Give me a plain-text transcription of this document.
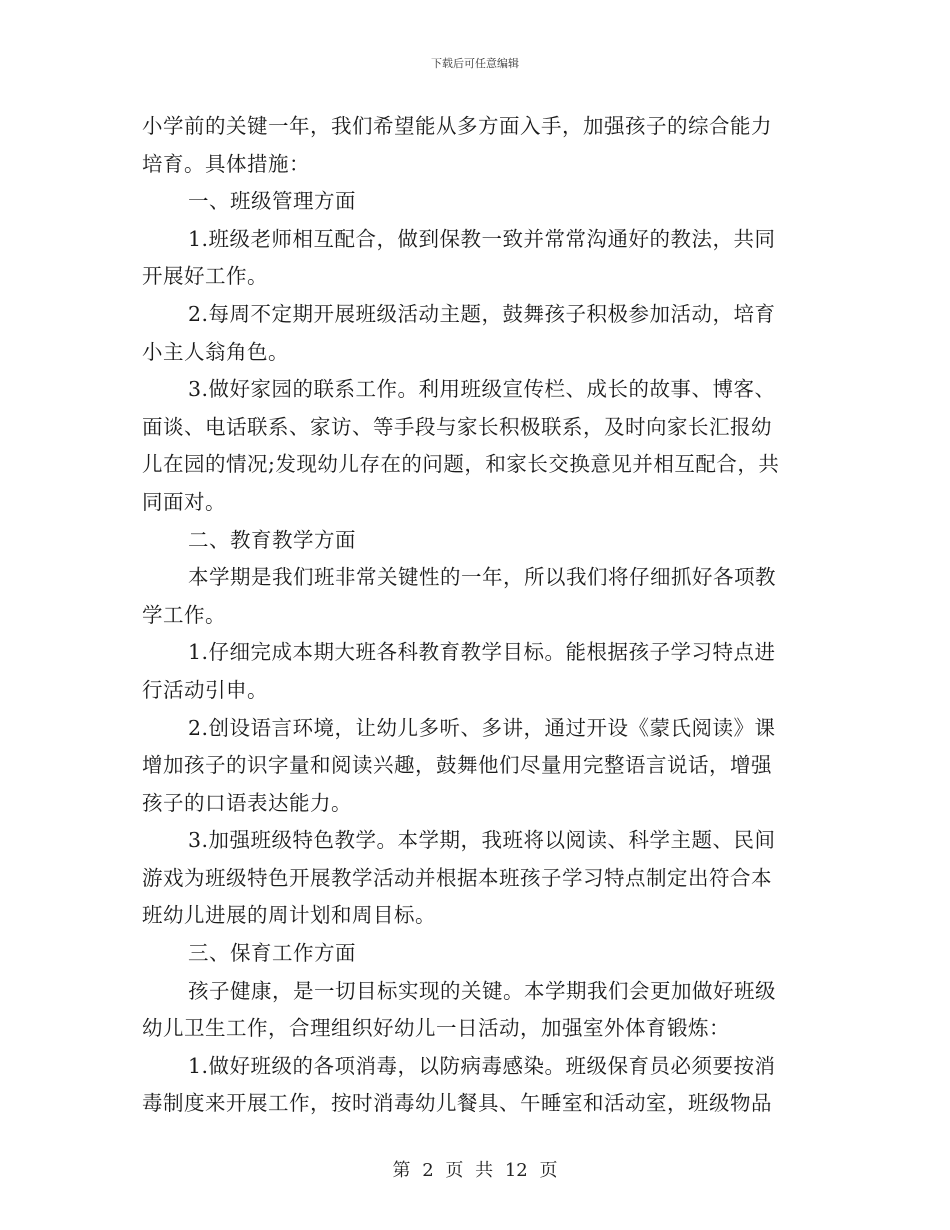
下载后可任意编辑
小学前的关键一年，我们希望能从多方面入手，加强孩子的综合能力
培育。具体措施：
一、班级管理方面
1.班级老师相互配合，做到保教一致并常常沟通好的教法，共同
开展好工作。
2.每周不定期开展班级活动主题，鼓舞孩子积极参加活动，培育
小主人翁角色。
3.做好家园的联系工作。利用班级宣传栏、成长的故事、博客、
面谈、电话联系、家访、等手段与家长积极联系，及时向家长汇报幼
儿在园的情况;发现幼儿存在的问题，和家长交换意见并相互配合，共
同面对。
二、教育教学方面
本学期是我们班非常关键性的一年，所以我们将仔细抓好各项教
学工作。
1.仔细完成本期大班各科教育教学目标。能根据孩子学习特点进
行活动引申。
2.创设语言环境，让幼儿多听、多讲，通过开设《蒙氏阅读》课
增加孩子的识字量和阅读兴趣，鼓舞他们尽量用完整语言说话，增强
孩子的口语表达能力。
3.加强班级特色教学。本学期，我班将以阅读、科学主题、民间
游戏为班级特色开展教学活动并根据本班孩子学习特点制定出符合本
班幼儿进展的周计划和周目标。
三、保育工作方面
孩子健康，是一切目标实现的关键。本学期我们会更加做好班级
幼儿卫生工作，合理组织好幼儿一日活动，加强室外体育锻炼：
1.做好班级的各项消毒，以防病毒感染。班级保育员必须要按消
毒制度来开展工作，按时消毒幼儿餐具、午睡室和活动室，班级物品
第 2 页 共 12 页
